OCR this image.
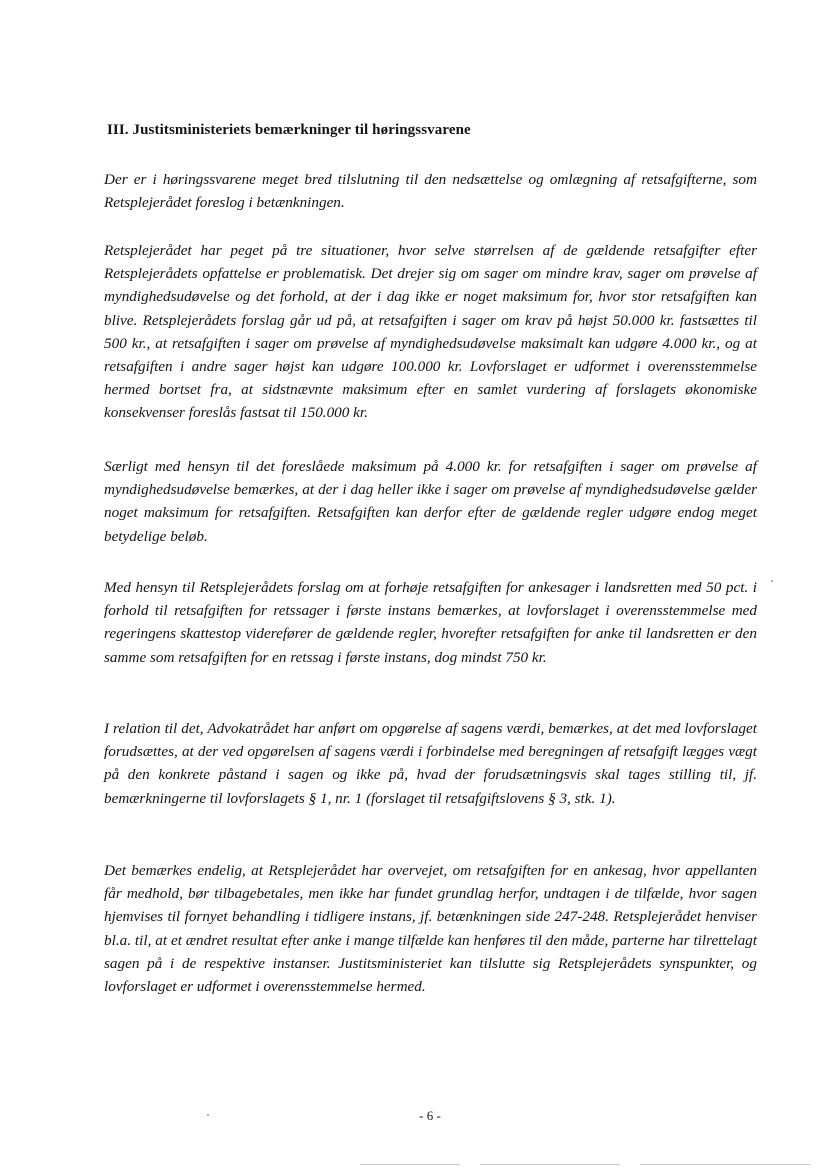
III. Justitsministeriets bemærkninger til høringssvarene

Der er i høringssvarene meget bred tilslutning til den nedsættelse og omlægning af retsafgifterne, som Retsplejerådet foreslog i betænkningen.

Retsplejerådet har peget på tre situationer, hvor selve størrelsen af de gældende retsafgifter efter Retsplejerådets opfattelse er problematisk. Det drejer sig om sager om mindre krav, sager om prøvelse af myndighedsudøvelse og det forhold, at der i dag ikke er noget maksimum for, hvor stor retsafgiften kan blive. Retsplejerådets forslag går ud på, at retsafgiften i sager om krav på højst 50.000 kr. fastsættes til 500 kr., at retsafgiften i sager om prøvelse af myndighedsudøvelse maksimalt kan udgøre 4.000 kr., og at retsafgiften i andre sager højst kan udgøre 100.000 kr. Lovforslaget er udformet i overensstemmelse hermed bortset fra, at sidstnævnte maksimum efter en samlet vurdering af forslagets økonomiske konsekvenser foreslås fastsat til 150.000 kr.

Særligt med hensyn til det foreslåede maksimum på 4.000 kr. for retsafgiften i sager om prøvelse af myndighedsudøvelse bemærkes, at der i dag heller ikke i sager om prøvelse af myndighedsudøvelse gælder noget maksimum for retsafgiften. Retsafgiften kan derfor efter de gældende regler udgøre endog meget betydelige beløb.

Med hensyn til Retsplejerådets forslag om at forhøje retsafgiften for ankesager i landsretten med 50 pct. i forhold til retsafgiften for retssager i første instans bemærkes, at lovforslaget i overensstemmelse med regeringens skattestop viderefører de gældende regler, hvorefter retsafgiften for anke til landsretten er den samme som retsafgiften for en retssag i første instans, dog mindst 750 kr.

I relation til det, Advokatrådet har anført om opgørelse af sagens værdi, bemærkes, at det med lovforslaget forudsættes, at der ved opgørelsen af sagens værdi i forbindelse med beregningen af retsafgift lægges vægt på den konkrete påstand i sagen og ikke på, hvad der forudsætningsvis skal tages stilling til, jf. bemærkningerne til lovforslagets § 1, nr. 1 (forslaget til retsafgiftslovens § 3, stk. 1).

Det bemærkes endelig, at Retsplejerådet har overvejet, om retsafgiften for en ankesag, hvor appellanten får medhold, bør tilbagebetales, men ikke har fundet grundlag herfor, undtagen i de tilfælde, hvor sagen hjemvises til fornyet behandling i tidligere instans, jf. betænkningen side 247-248. Retsplejerådet henviser bl.a. til, at et ændret resultat efter anke i mange tilfælde kan henføres til den måde, parterne har tilrettelagt sagen på i de respektive instanser. Justitsministeriet kan tilslutte sig Retsplejerådets synspunkter, og lovforslaget er udformet i overensstemmelse hermed.

- 6 -
